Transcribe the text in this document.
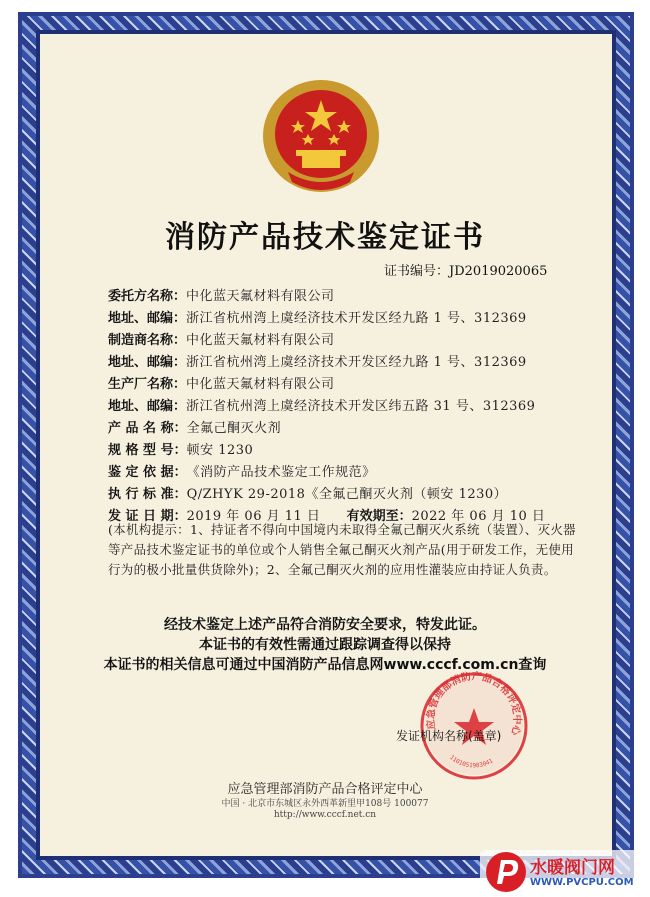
消防产品技术鉴定证书
证书编号：JD2019020065
委托方名称：中化蓝天氟材料有限公司
地址、邮编：浙江省杭州湾上虞经济技术开发区经九路 1 号、312369
制造商名称：中化蓝天氟材料有限公司
地址、邮编：浙江省杭州湾上虞经济技术开发区经九路 1 号、312369
生产厂名称：中化蓝天氟材料有限公司
地址、邮编：浙江省杭州湾上虞经济技术开发区纬五路 31 号、312369
产 品 名 称：全氟己酮灭火剂
规 格 型 号：顿安 1230
鉴 定 依 据：《消防产品技术鉴定工作规范》
执 行 标 准：Q/ZHYK 29-2018《全氟己酮灭火剂（顿安 1230）
发 证 日 期：2019 年 06 月 11 日 有效期至：2022 年 06 月 10 日
(本机构提示：1、持证者不得向中国境内未取得全氟己酮灭火系统（装置）、灭火器等产品技术鉴定证书的单位或个人销售全氟己酮灭火剂产品(用于研发工作，无使用行为的极小批量供货除外)；2、全氟己酮灭火剂的应用性灌装应由持证人负责。
经技术鉴定上述产品符合消防安全要求，特发此证。
本证书的有效性需通过跟踪调查得以保持
本证书的相关信息可通过中国消防产品信息网www.cccf.com.cn查询
应急管理部消防产品合格评定中心
1101051983041
发证机构名称(盖章)
应急管理部消防产品合格评定中心
中国 · 北京市东城区永外西革新里甲108号 100077
http://www.cccf.net.cn
水暖阀门网
WWW.PVCPU.COM
